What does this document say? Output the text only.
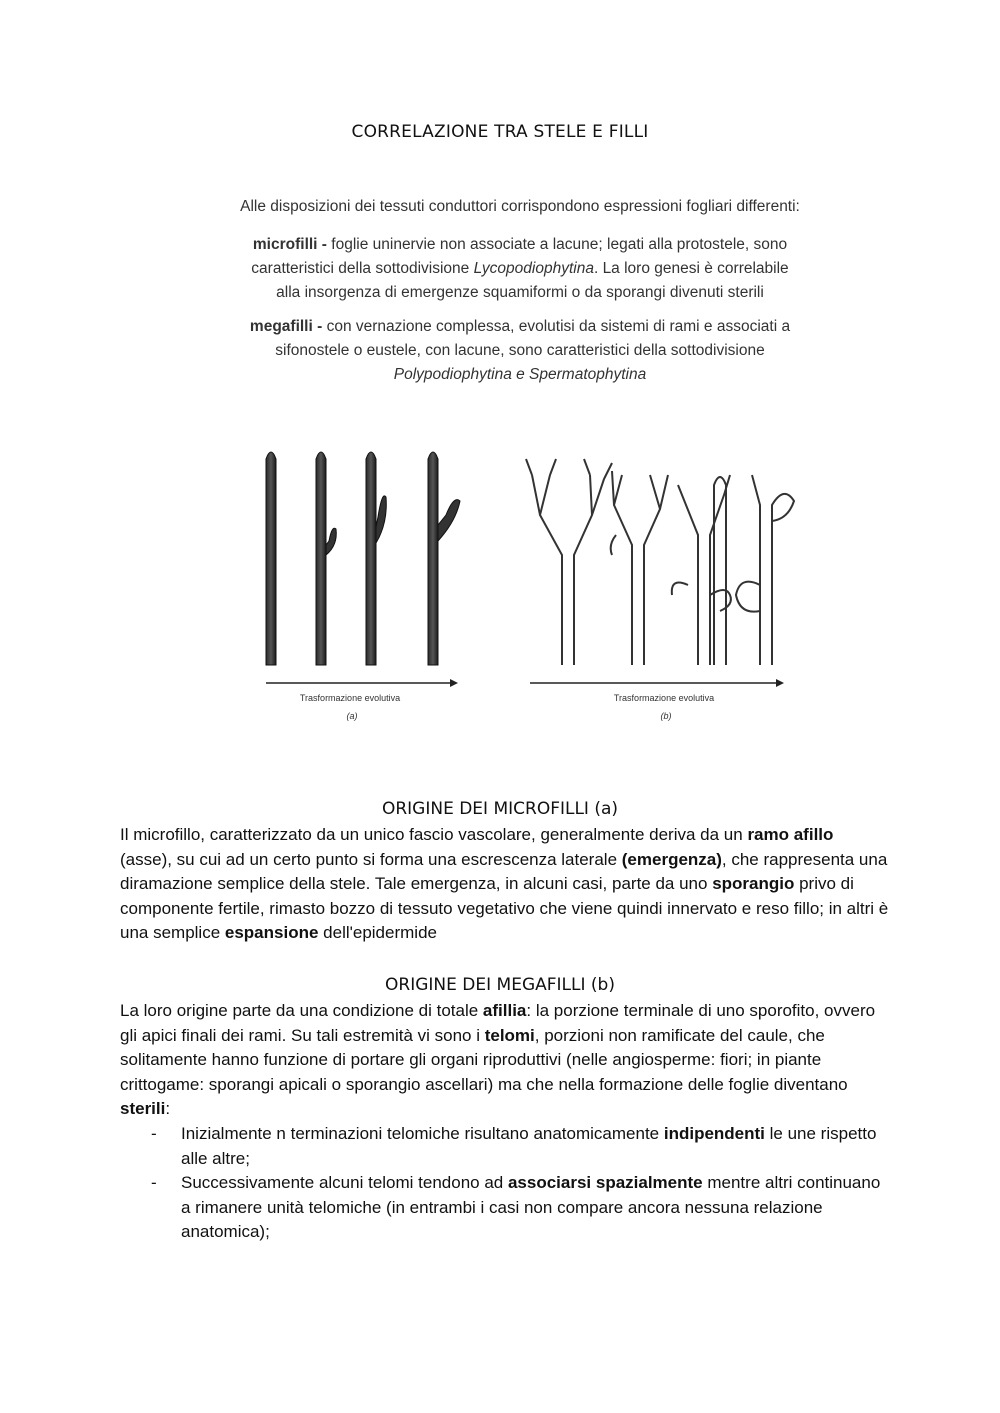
CORRELAZIONE TRA STELE E FILLI

Alle disposizioni dei tessuti conduttori corrispondono espressioni fogliari differenti:

microfilli - foglie uninervie non associate a lacune; legati alla protostele, sono caratteristici della sottodivisione Lycopodiophytina. La loro genesi è correlabile alla insorgenza di emergenze squamiformi o da sporangi divenuti sterili

megafilli - con vernazione complessa, evolutisi da sistemi di rami e associati a sifonostele o eustele, con lacune, sono caratteristici della sottodivisione Polypodiophytina e Spermatophytina

Trasformazione evolutiva
(a)
Trasformazione evolutiva
(b)
ORIGINE DEI MICROFILLI (a)
Il microfillo, caratterizzato da un unico fascio vascolare, generalmente deriva da un ramo afillo (asse), su cui ad un certo punto si forma una escrescenza laterale (emergenza), che rappresenta una diramazione semplice della stele. Tale emergenza, in alcuni casi, parte da uno sporangio privo di componente fertile, rimasto bozzo di tessuto vegetativo che viene quindi innervato e reso fillo; in altri è una semplice espansione dell'epidermide
ORIGINE DEI MEGAFILLI (b)
La loro origine parte da una condizione di totale afillia: la porzione terminale di uno sporofito, ovvero gli apici finali dei rami. Su tali estremità vi sono i telomi, porzioni non ramificate del caule, che solitamente hanno funzione di portare gli organi riproduttivi (nelle angiosperme: fiori; in piante crittogame: sporangi apicali o sporangio ascellari) ma che nella formazione delle foglie diventano sterili:
- Inizialmente n terminazioni telomiche risultano anatomicamente indipendenti le une rispetto alle altre;
- Successivamente alcuni telomi tendono ad associarsi spazialmente mentre altri continuano a rimanere unità telomiche (in entrambi i casi non compare ancora nessuna relazione anatomica);
